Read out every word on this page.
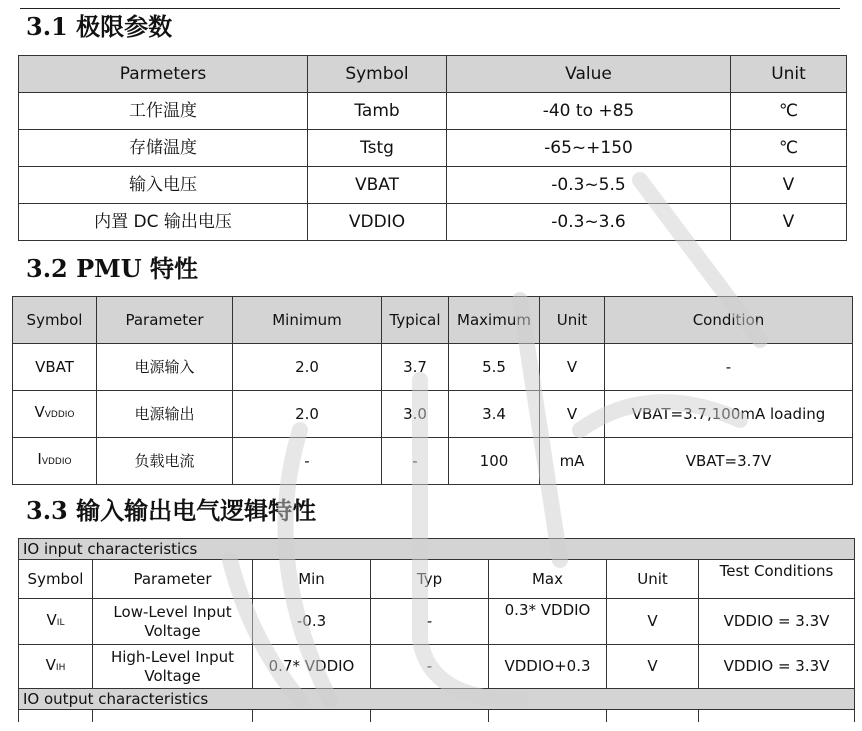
3.1 极限参数
Parmeters	Symbol	Value	Unit
工作温度	Tamb	-40 to +85	℃
存储温度	Tstg	-65~+150	℃
输入电压	VBAT	-0.3~5.5	V
内置 DC 输出电压	VDDIO	-0.3~3.6	V
3.2 PMU 特性
Symbol	Parameter	Minimum	Typical	Maximum	Unit	Condition
VBAT	电源输入	2.0	3.7	5.5	V	-
VVDDIO	电源输出	2.0	3.0	3.4	V	VBAT=3.7,100mA loading
IVDDIO	负载电流	-	-	100	mA	VBAT=3.7V
3.3 输入输出电气逻辑特性
IO input characteristics						
Symbol	Parameter	Min	Typ	Max	Unit	Test Conditions
VIL	Low-Level Input Voltage	-0.3	-	0.3* VDDIO	V	VDDIO = 3.3V
VIH	High-Level Input Voltage	0.7* VDDIO	-	VDDIO+0.3	V	VDDIO = 3.3V
IO output characteristics						
